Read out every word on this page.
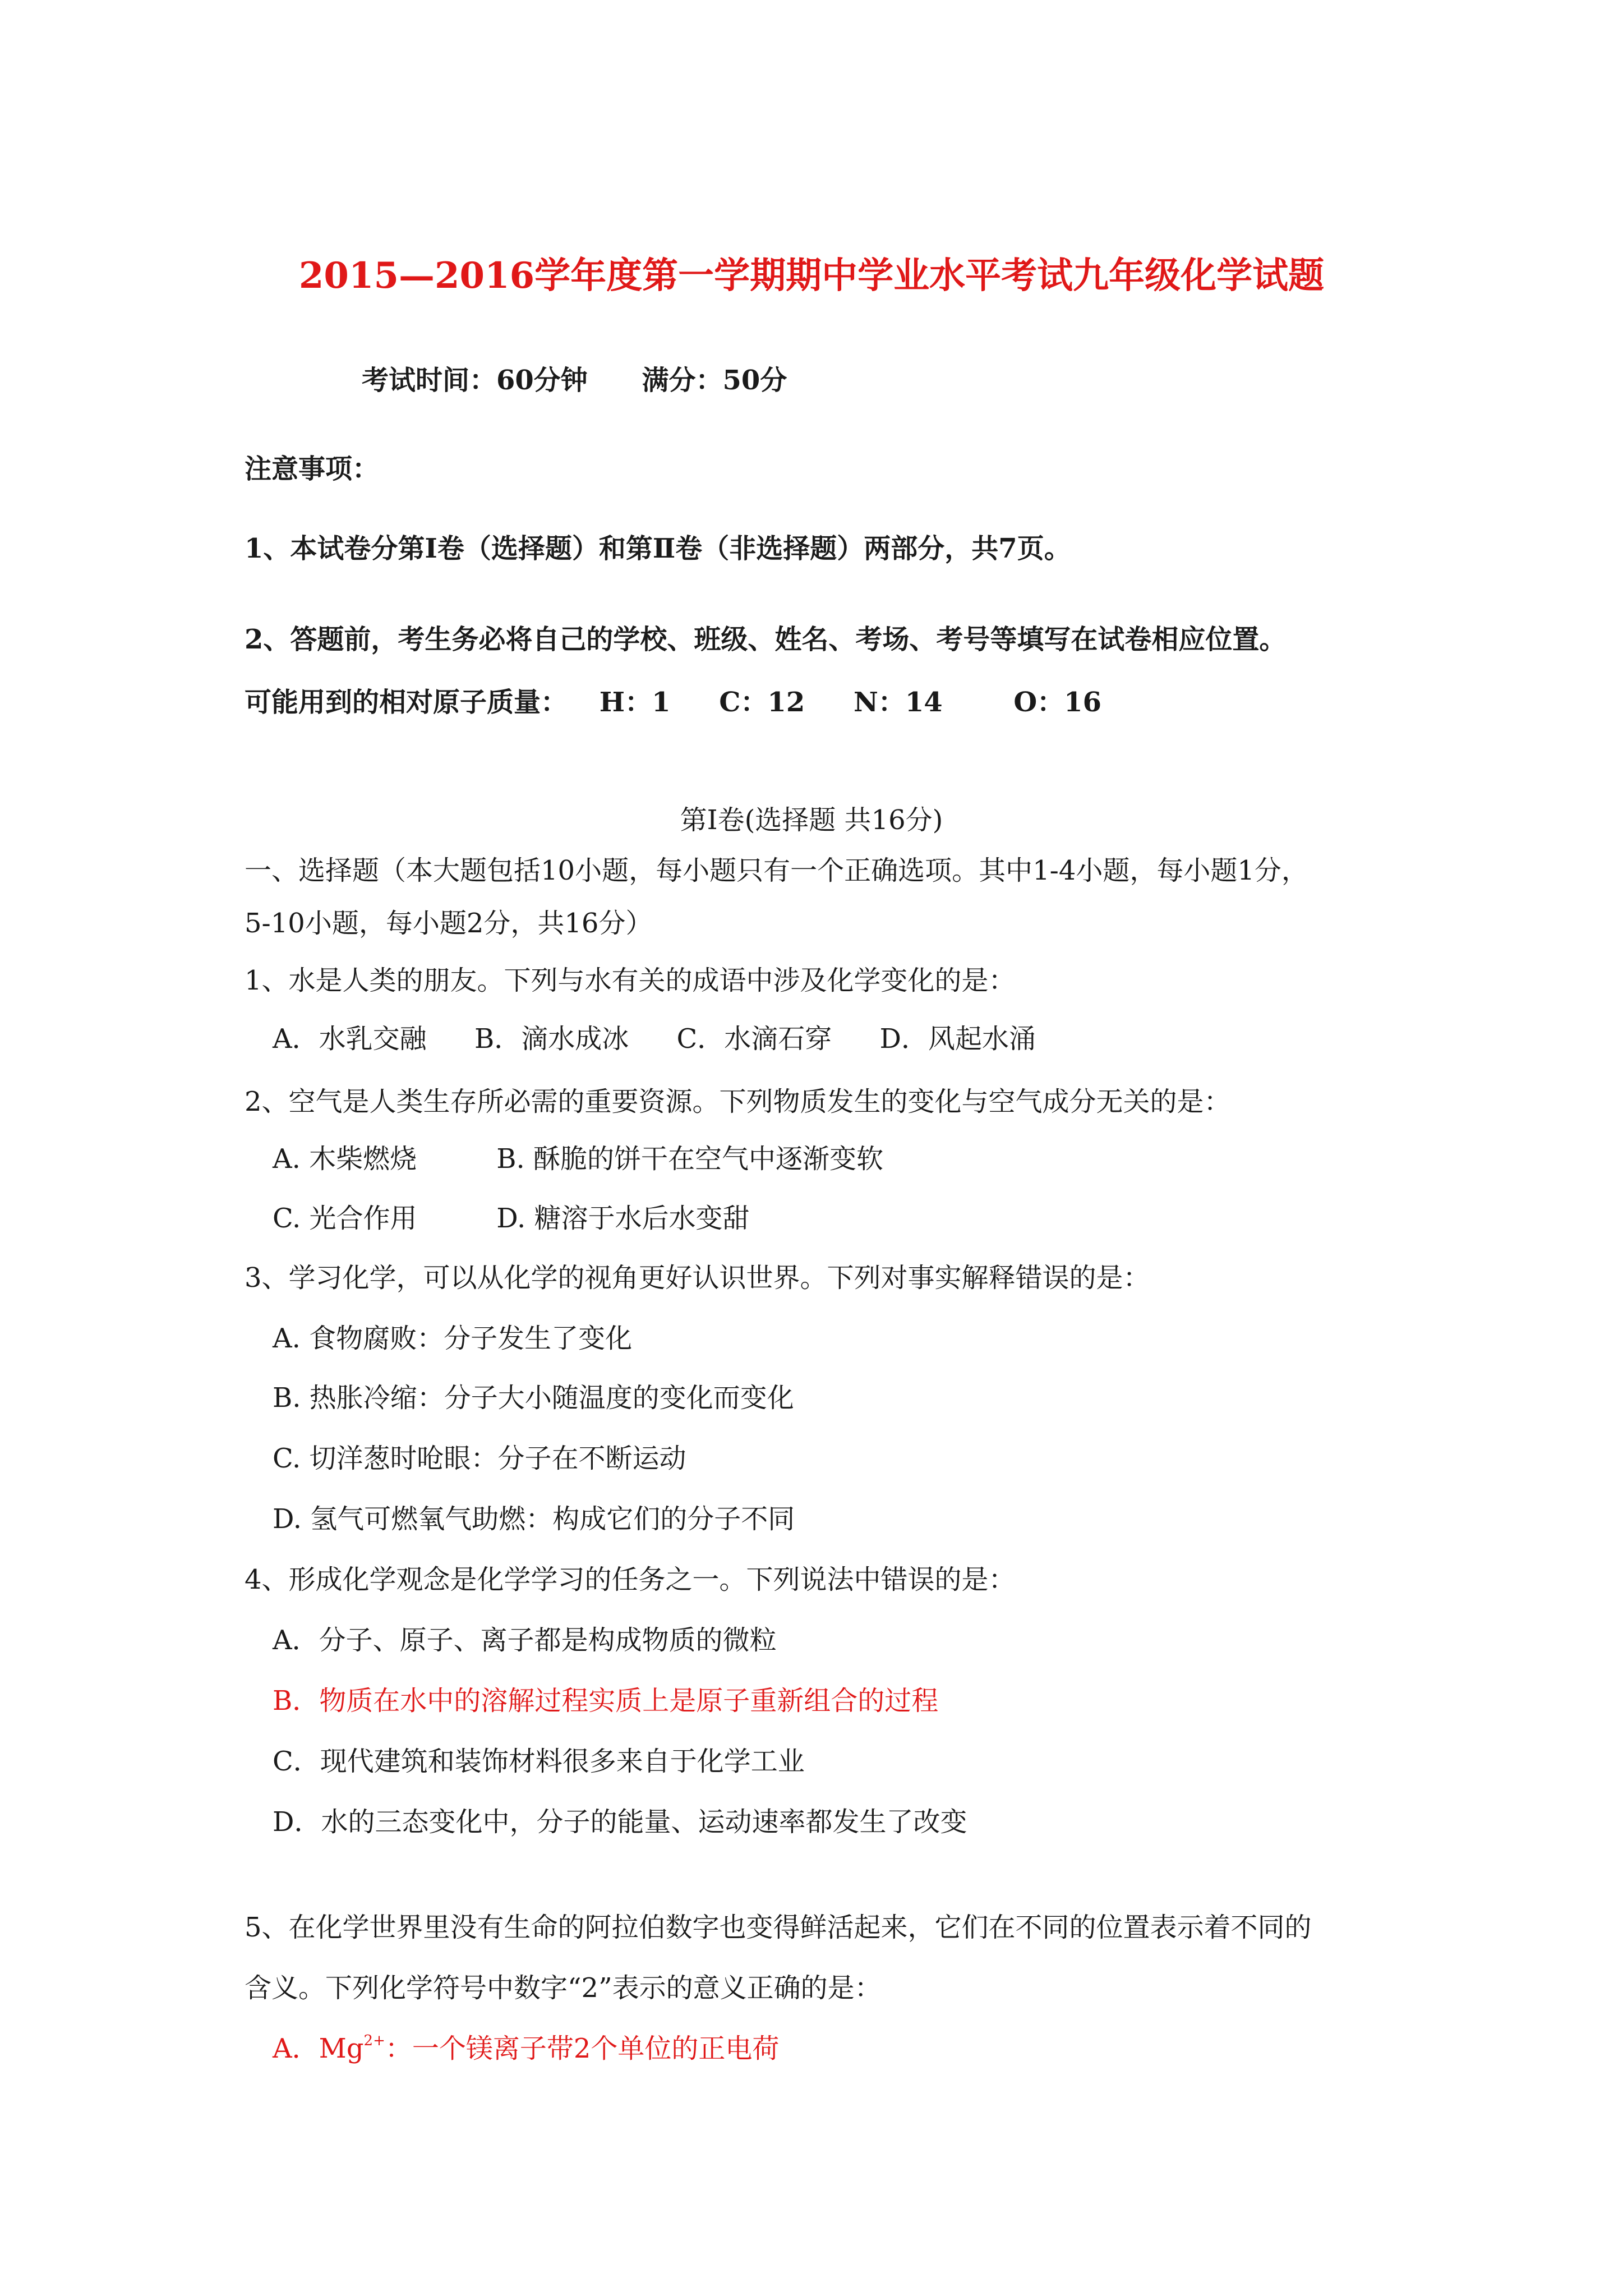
2015—2016学年度第一学期期中学业水平考试九年级化学试题
考试时间：60分钟 满分：50分
注意事项：
1、本试卷分第Ⅰ卷（选择题）和第Ⅱ卷（非选择题）两部分，共7页。
2、答题前，考生务必将自己的学校、班级、姓名、考场、考号等填写在试卷相应位置。
可能用到的相对原子质量： H：1 C：12 N：14	O：16
第Ⅰ卷(选择题 共16分)
一、选择题（本大题包括10小题，每小题只有一个正确选项。其中1-4小题，每小题1分，
5-10小题，每小题2分，共16分）
1、水是人类的朋友。下列与水有关的成语中涉及化学变化的是：
A．水乳交融 B．滴水成冰 C．水滴石穿 D．风起水涌
2、空气是人类生存所必需的重要资源。下列物质发生的变化与空气成分无关的是：
A. 木柴燃烧	B. 酥脆的饼干在空气中逐渐变软
C. 光合作用	D. 糖溶于水后水变甜
3、学习化学，可以从化学的视角更好认识世界。下列对事实解释错误的是：
A. 食物腐败：分子发生了变化
B. 热胀冷缩：分子大小随温度的变化而变化
C. 切洋葱时呛眼：分子在不断运动
D. 氢气可燃氧气助燃：构成它们的分子不同
4、形成化学观念是化学学习的任务之一。下列说法中错误的是：
A．分子、原子、离子都是构成物质的微粒
B．物质在水中的溶解过程实质上是原子重新组合的过程
C．现代建筑和装饰材料很多来自于化学工业
D．水的三态变化中，分子的能量、运动速率都发生了改变
5、在化学世界里没有生命的阿拉伯数字也变得鲜活起来，它们在不同的位置表示着不同的
含义。下列化学符号中数字“2”表示的意义正确的是：
A．$Mg^{2+}$：一个镁离子带2个单位的正电荷
